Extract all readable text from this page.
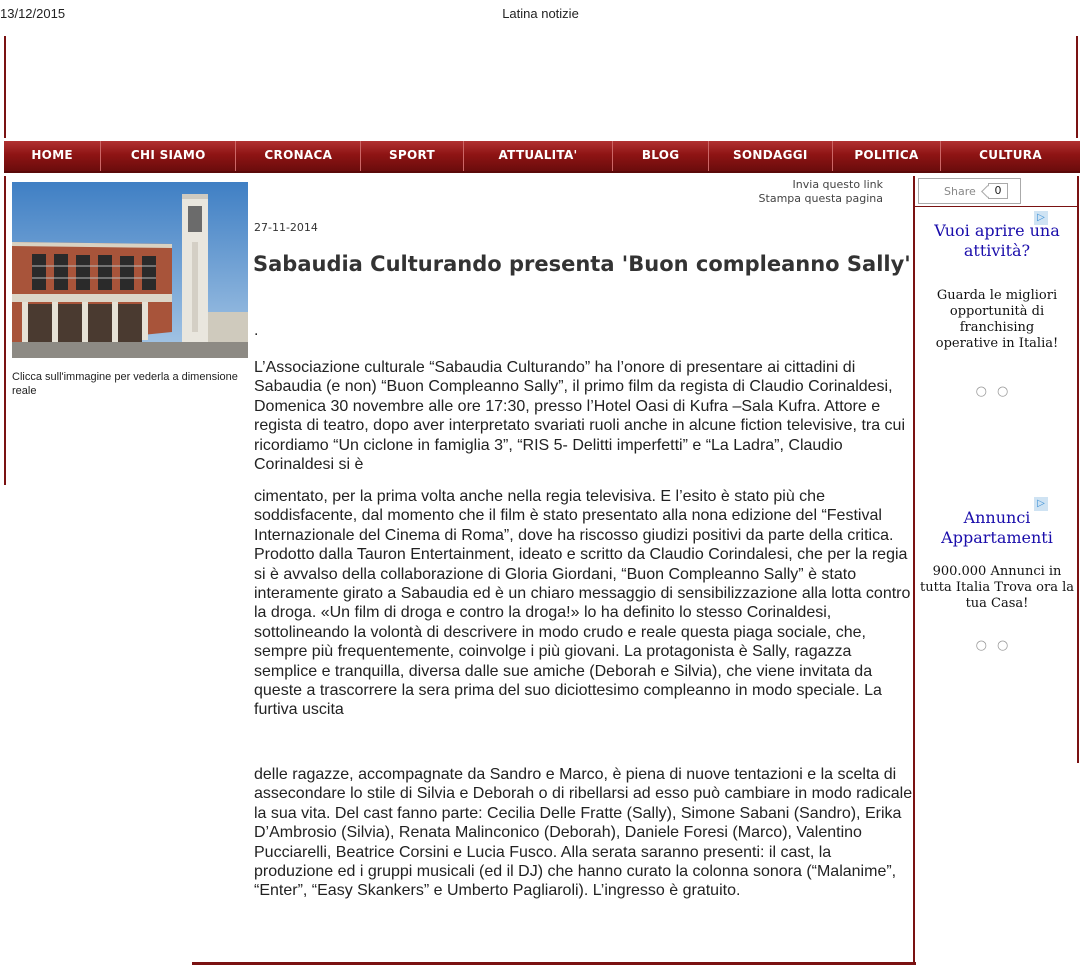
13/12/2015	Latina notizie
HOME	CHI SIAMO	CRONACA	SPORT	ATTUALITA'	BLOG	SONDAGGI	POLITICA	CULTURA
Clicca sull'immagine per vederla a dimensione reale
Invia questo link
Stampa questa pagina
27-11-2014
Sabaudia Culturando presenta 'Buon compleanno Sally'
.

L’Associazione culturale “Sabaudia Culturando” ha l’onore di presentare ai cittadini di Sabaudia (e non) “Buon Compleanno Sally”, il primo film da regista di Claudio Corinaldesi, Domenica 30 novembre alle ore 17:30, presso l’Hotel Oasi di Kufra –Sala Kufra. Attore e regista di teatro, dopo aver interpretato svariati ruoli anche in alcune fiction televisive, tra cui ricordiamo “Un ciclone in famiglia 3”, “RIS 5- Delitti imperfetti” e “La Ladra”, Claudio Corinaldesi si è

cimentato, per la prima volta anche nella regia televisiva. E l’esito è stato più che soddisfacente, dal momento che il film è stato presentato alla nona edizione del “Festival Internazionale del Cinema di Roma”, dove ha riscosso giudizi positivi da parte della critica. Prodotto dalla Tauron Entertainment, ideato e scritto da Claudio Corindalesi, che per la regia si è avvalso della collaborazione di Gloria Giordani, “Buon Compleanno Sally” è stato interamente girato a Sabaudia ed è un chiaro messaggio di sensibilizzazione alla lotta contro la droga. «Un film di droga e contro la droga!» lo ha definito lo stesso Corinaldesi, sottolineando la volontà di descrivere in modo crudo e reale questa piaga sociale, che, sempre più frequentemente, coinvolge i più giovani. La protagonista è Sally, ragazza semplice e tranquilla, diversa dalle sue amiche (Deborah e Silvia), che viene invitata da queste a trascorrere la sera prima del suo diciottesimo compleanno in modo speciale. La furtiva uscita

delle ragazze, accompagnate da Sandro e Marco, è piena di nuove tentazioni e la scelta di assecondare lo stile di Silvia e Deborah o di ribellarsi ad esso può cambiare in modo radicale la sua vita. Del cast fanno parte: Cecilia Delle Fratte (Sally), Simone Sabani (Sandro), Erika D’Ambrosio (Silvia), Renata Malinconico (Deborah), Daniele Foresi (Marco), Valentino Pucciarelli, Beatrice Corsini e Lucia Fusco. Alla serata saranno presenti: il cast, la produzione ed i gruppi musicali (ed il DJ) che hanno curato la colonna sonora (“Malanime”, “Enter”, “Easy Skankers” e Umberto Pagliaroli). L’ingresso è gratuito.

Share	0
▷
Vuoi aprire una attività?
Guarda le migliori opportunità di franchising operative in Italia!
○○
▷
Annunci Appartamenti
900.000 Annunci in tutta Italia Trova ora la tua Casa!
○○
